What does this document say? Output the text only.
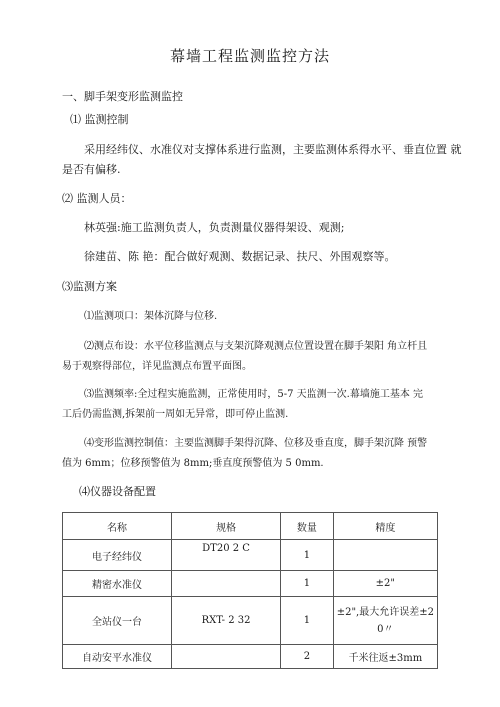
幕墙工程监测监控方法
一、脚手架变形监测监控
⑴ 监测控制
采用经纬仪、水准仪对支撑体系进行监测，主要监测体系得水平、垂直位置 就
是否有偏移.
⑵ 监测人员：
林英强:施工监测负责人，负责测量仪器得架设、观测;
徐建苗、陈 艳：配合做好观测、数据记录、扶尺、外围观察等。
⑶监测方案
⑴监测项口：架体沉降与位移.
⑵测点布设：水平位移监测点与支架沉降观测点位置设置在脚手架阳 角立杆且
易于观察得部位，详见监测点布置平面图。
⑶监测频率:全过程实施监测，正常使用时，5-7 天监测一次.幕墙施工基本 完
工后仍需监测,拆架前一周如无异常，即可停止监测.
⑷变形监测控制值：主要监测脚手架得沉降、位移及垂直度，脚手架沉降 预警
值为 6mm；位移预警值为 8mm;垂直度预警值为 5 0mm.
⑷仪器设备配置
名称	规格	数量	精度
电子经纬仪	DT20 2 C	1	
精密水准仪		1	±2"
全站仪一台	RXT- 2 32	1	±2",最大允许误差±2 0〃
自动安平水准仪		2	千米往返±3mm
